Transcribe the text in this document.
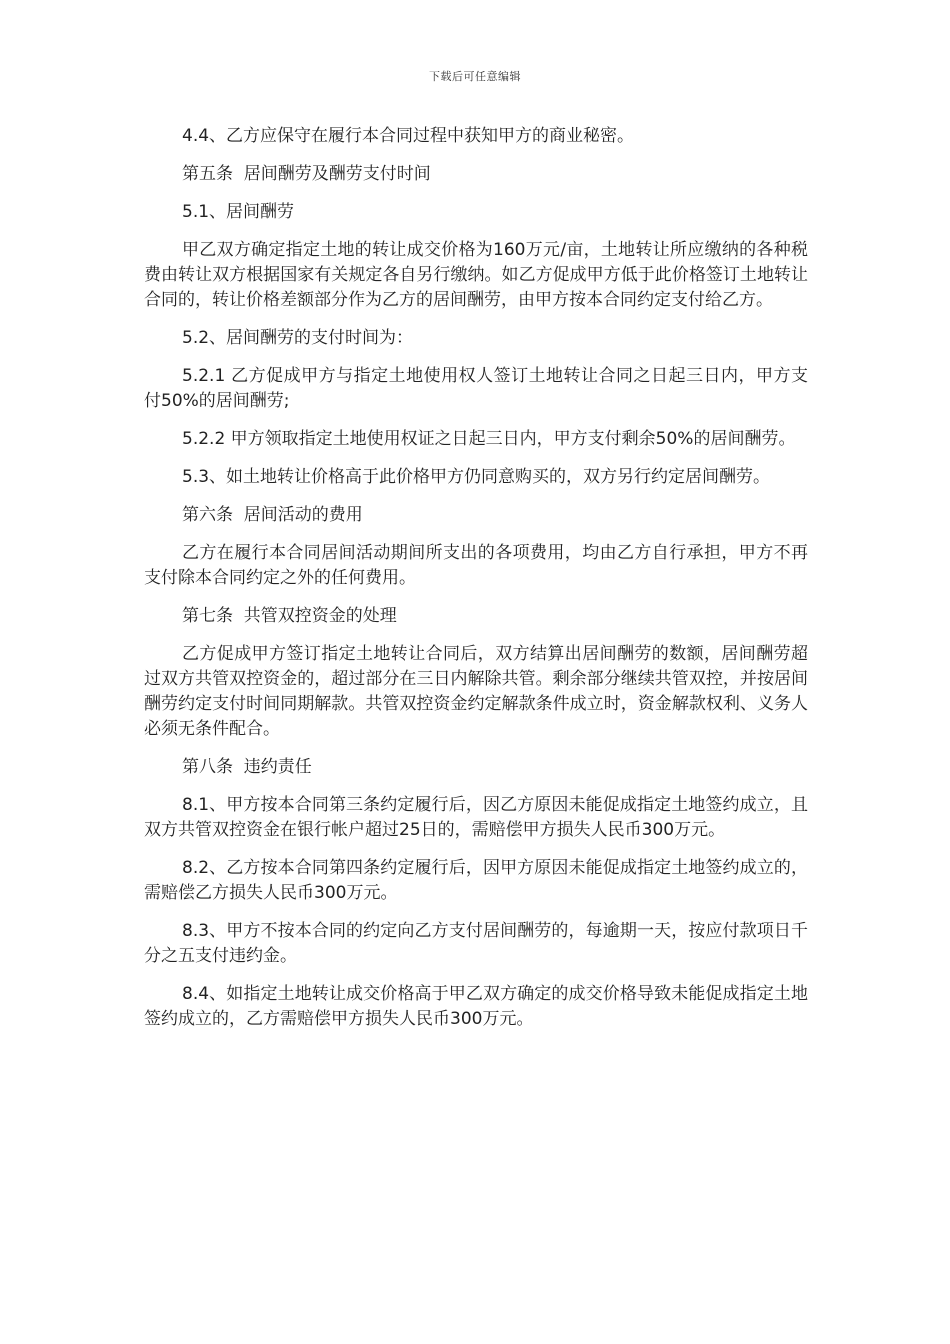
下载后可任意编辑

4.4、乙方应保守在履行本合同过程中获知甲方的商业秘密。

第五条  居间酬劳及酬劳支付时间

5.1、居间酬劳

甲乙双方确定指定土地的转让成交价格为160万元/亩，土地转让所应缴纳的各种税费由转让双方根据国家有关规定各自另行缴纳。如乙方促成甲方低于此价格签订土地转让合同的，转让价格差额部分作为乙方的居间酬劳，由甲方按本合同约定支付给乙方。

5.2、居间酬劳的支付时间为：

5.2.1 乙方促成甲方与指定土地使用权人签订土地转让合同之日起三日内，甲方支付50%的居间酬劳;

5.2.2 甲方领取指定土地使用权证之日起三日内，甲方支付剩余50%的居间酬劳。

5.3、如土地转让价格高于此价格甲方仍同意购买的，双方另行约定居间酬劳。

第六条  居间活动的费用

乙方在履行本合同居间活动期间所支出的各项费用，均由乙方自行承担，甲方不再支付除本合同约定之外的任何费用。

第七条  共管双控资金的处理

乙方促成甲方签订指定土地转让合同后，双方结算出居间酬劳的数额，居间酬劳超过双方共管双控资金的，超过部分在三日内解除共管。剩余部分继续共管双控，并按居间酬劳约定支付时间同期解款。共管双控资金约定解款条件成立时，资金解款权利、义务人必须无条件配合。

第八条  违约责任

8.1、甲方按本合同第三条约定履行后，因乙方原因未能促成指定土地签约成立，且双方共管双控资金在银行帐户超过25日的，需赔偿甲方损失人民币300万元。

8.2、乙方按本合同第四条约定履行后，因甲方原因未能促成指定土地签约成立的，需赔偿乙方损失人民币300万元。

8.3、甲方不按本合同的约定向乙方支付居间酬劳的，每逾期一天，按应付款项日千分之五支付违约金。

8.4、如指定土地转让成交价格高于甲乙双方确定的成交价格导致未能促成指定土地签约成立的，乙方需赔偿甲方损失人民币300万元。
